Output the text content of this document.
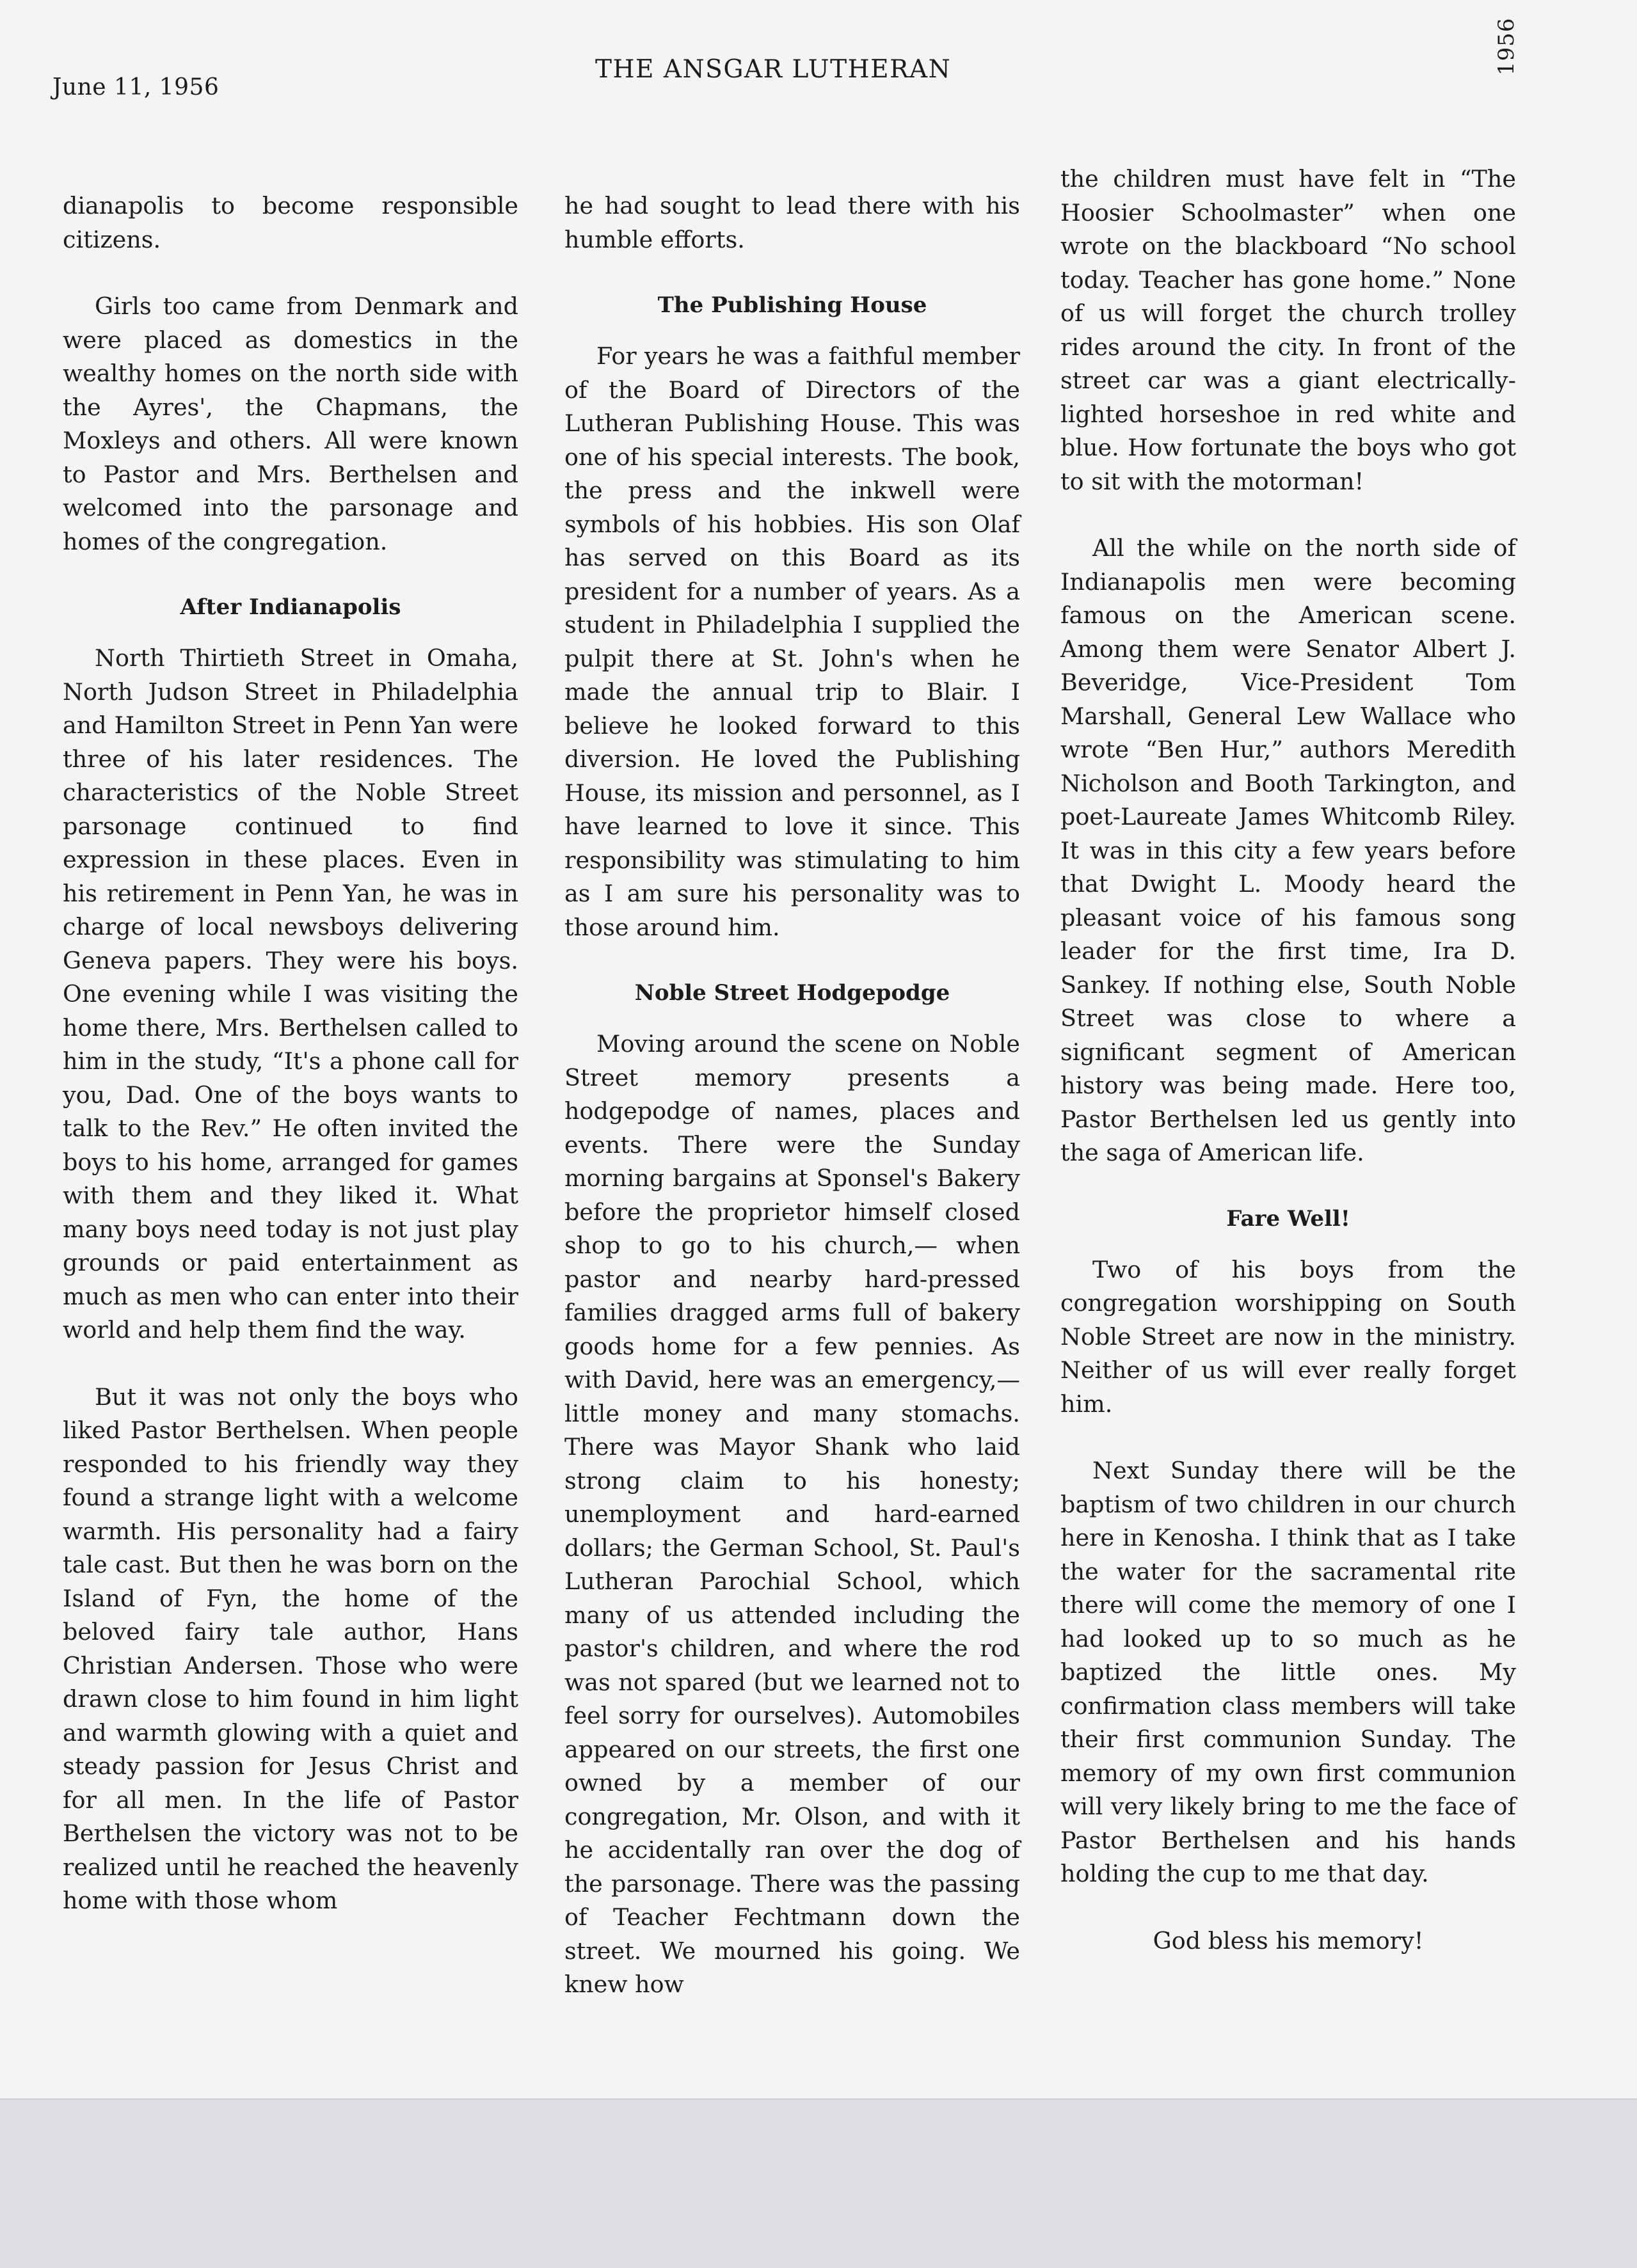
June 11, 1956
THE ANSGAR LUTHERAN	1956

dianapolis to become responsible citizens.

Girls too came from Denmark and were placed as domestics in the wealthy homes on the north side with the Ayres', the Chapmans, the Moxleys and others. All were known to Pastor and Mrs. Berthelsen and welcomed into the parsonage and homes of the congregation.

After Indianapolis

North Thirtieth Street in Omaha, North Judson Street in Philadelphia and Hamilton Street in Penn Yan were three of his later residences. The characteristics of the Noble Street parsonage continued to find expression in these places. Even in his retirement in Penn Yan, he was in charge of local newsboys delivering Geneva papers. They were his boys. One evening while I was visiting the home there, Mrs. Berthelsen called to him in the study, “It's a phone call for you, Dad. One of the boys wants to talk to the Rev.” He often invited the boys to his home, arranged for games with them and they liked it. What many boys need today is not just play grounds or paid entertainment as much as men who can enter into their world and help them find the way.

But it was not only the boys who liked Pastor Berthelsen. When people responded to his friendly way they found a strange light with a welcome warmth. His personality had a fairy tale cast. But then he was born on the Island of Fyn, the home of the beloved fairy tale author, Hans Christian Andersen. Those who were drawn close to him found in him light and warmth glowing with a quiet and steady passion for Jesus Christ and for all men. In the life of Pastor Berthelsen the victory was not to be realized until he reached the heavenly home with those whom

he had sought to lead there with his humble efforts.

The Publishing House

For years he was a faithful member of the Board of Directors of the Lutheran Publishing House. This was one of his special interests. The book, the press and the inkwell were symbols of his hobbies. His son Olaf has served on this Board as its president for a number of years. As a student in Philadelphia I supplied the pulpit there at St. John's when he made the annual trip to Blair. I believe he looked forward to this diversion. He loved the Publishing House, its mission and personnel, as I have learned to love it since. This responsibility was stimulating to him as I am sure his personality was to those around him.

Noble Street Hodgepodge

Moving around the scene on Noble Street memory presents a hodgepodge of names, places and events. There were the Sunday morning bargains at Sponsel's Bakery before the proprietor himself closed shop to go to his church,— when pastor and nearby hard-pressed families dragged arms full of bakery goods home for a few pennies. As with David, here was an emergency,—little money and many stomachs. There was Mayor Shank who laid strong claim to his honesty; unemployment and hard-earned dollars; the German School, St. Paul's Lutheran Parochial School, which many of us attended including the pastor's children, and where the rod was not spared (but we learned not to feel sorry for ourselves). Automobiles appeared on our streets, the first one owned by a member of our congregation, Mr. Olson, and with it he accidentally ran over the dog of the parsonage. There was the passing of Teacher Fechtmann down the street. We mourned his going. We knew how

the children must have felt in “The Hoosier Schoolmaster” when one wrote on the blackboard “No school today. Teacher has gone home.” None of us will forget the church trolley rides around the city. In front of the street car was a giant electrically-lighted horseshoe in red white and blue. How fortunate the boys who got to sit with the motorman!

All the while on the north side of Indianapolis men were becoming famous on the American scene. Among them were Senator Albert J. Beveridge, Vice-President Tom Marshall, General Lew Wallace who wrote “Ben Hur,” authors Meredith Nicholson and Booth Tarkington, and poet-Laureate James Whitcomb Riley. It was in this city a few years before that Dwight L. Moody heard the pleasant voice of his famous song leader for the first time, Ira D. Sankey. If nothing else, South Noble Street was close to where a significant segment of American history was being made. Here too, Pastor Berthelsen led us gently into the saga of American life.

Fare Well!

Two of his boys from the congregation worshipping on South Noble Street are now in the ministry. Neither of us will ever really forget him.

Next Sunday there will be the baptism of two children in our church here in Kenosha. I think that as I take the water for the sacramental rite there will come the memory of one I had looked up to so much as he baptized the little ones. My confirmation class members will take their first communion Sunday. The memory of my own first communion will very likely bring to me the face of Pastor Berthelsen and his hands holding the cup to me that day.

God bless his memory!
